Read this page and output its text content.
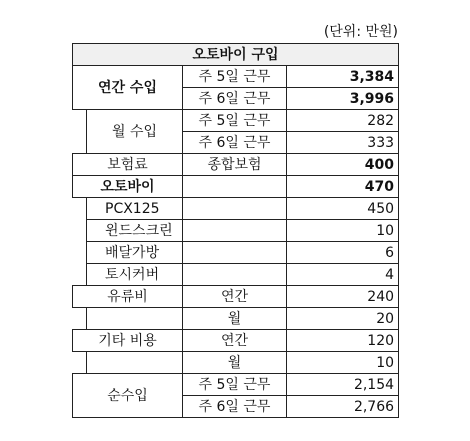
(단위: 만원)
오토바이 구입			
연간 수입		주 5일 근무	3,384
		주 6일 근무	3,996
	월 수입	주 5일 근무	282
		주 6일 근무	333
보험료		종합보험	400
오토바이			470
	PCX125		450
	윈드스크린		10
	배달가방		6
	토시커버		4
유류비		연간	240
		월	20
기타 비용		연간	120
		월	10
순수입		주 5일 근무	2,154
		주 6일 근무	2,766
